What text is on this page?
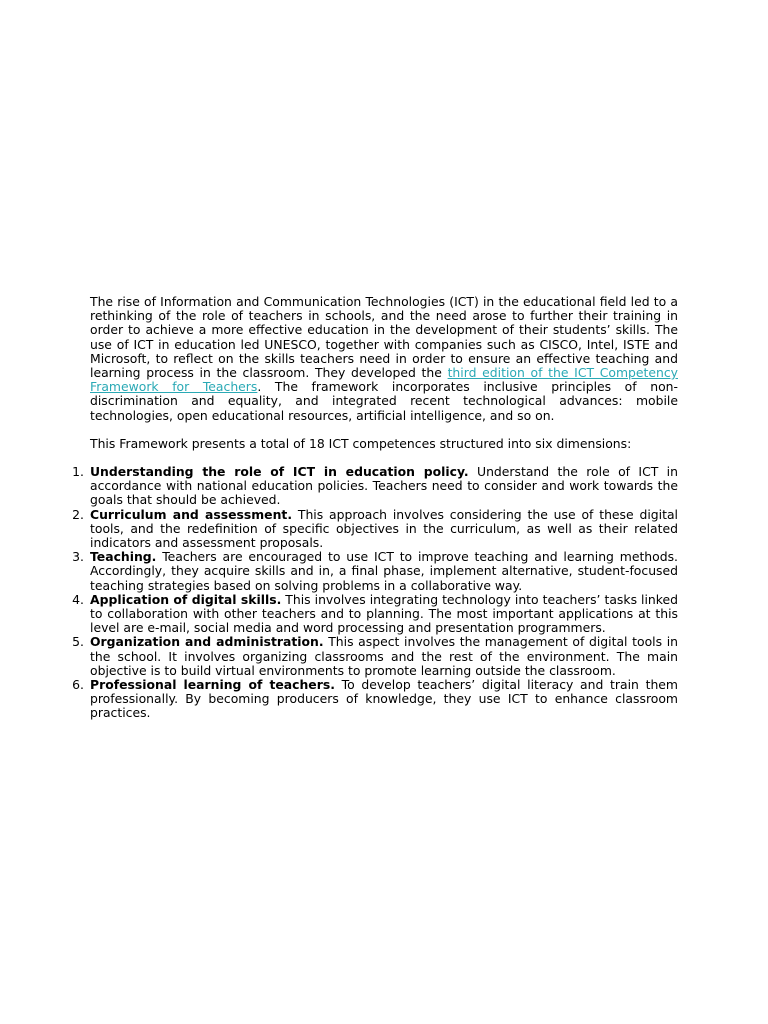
The rise of Information and Communication Technologies (ICT) in the educational field led to a rethinking of the role of teachers in schools, and the need arose to further their training in order to achieve a more effective education in the development of their students’ skills. The use of ICT in education led UNESCO, together with companies such as CISCO, Intel, ISTE and Microsoft, to reflect on the skills teachers need in order to ensure an effective teaching and learning process in the classroom. They developed the third edition of the ICT Competency Framework for Teachers. The framework incorporates inclusive principles of non-discrimination and equality, and integrated recent technological advances: mobile technologies, open educational resources, artificial intelligence, and so on.

This Framework presents a total of 18 ICT competences structured into six dimensions:

1. Understanding the role of ICT in education policy. Understand the role of ICT in accordance with national education policies. Teachers need to consider and work towards the goals that should be achieved.
2. Curriculum and assessment. This approach involves considering the use of these digital tools, and the redefinition of specific objectives in the curriculum, as well as their related indicators and assessment proposals.
3. Teaching. Teachers are encouraged to use ICT to improve teaching and learning methods. Accordingly, they acquire skills and in, a final phase, implement alternative, student-focused teaching strategies based on solving problems in a collaborative way.
4. Application of digital skills. This involves integrating technology into teachers’ tasks linked to collaboration with other teachers and to planning. The most important applications at this level are e-mail, social media and word processing and presentation programmers.
5. Organization and administration. This aspect involves the management of digital tools in the school. It involves organizing classrooms and the rest of the environment. The main objective is to build virtual environments to promote learning outside the classroom.
6. Professional learning of teachers. To develop teachers’ digital literacy and train them professionally. By becoming producers of knowledge, they use ICT to enhance classroom practices.
